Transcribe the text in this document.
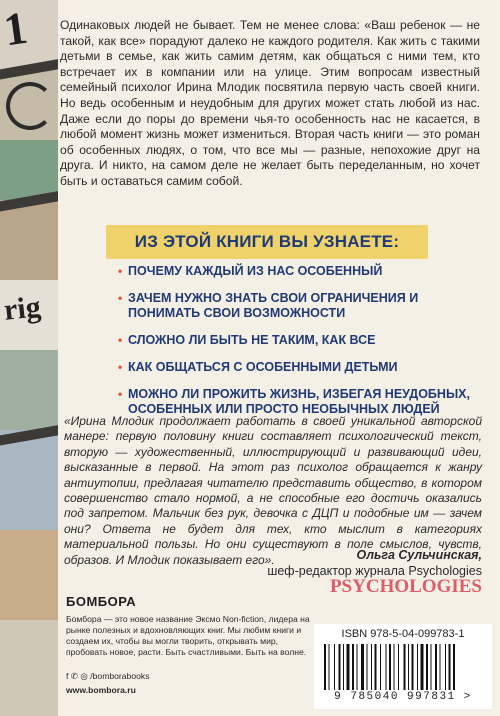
1
rig
Одинаковых людей не бывает. Тем не менее слова: «Ваш ребенок — не такой, как все» порадуют далеко не каждого родителя. Как жить с такими детьми в семье, как жить самим детям, как общаться с ними тем, кто встречает их в компании или на улице. Этим вопросам известный семейный психолог Ирина Млодик посвятила первую часть своей книги. Но ведь особенным и неудобным для других может стать любой из нас. Даже если до поры до времени чья-то особенность нас не касается, в любой момент жизнь может измениться. Вторая часть книги — это роман об особенных людях, о том, что все мы — разные, непохожие друг на друга. И никто, на самом деле не желает быть переделанным, но хочет быть и оставаться самим собой.
ИЗ ЭТОЙ КНИГИ ВЫ УЗНАЕТЕ:
• ПОЧЕМУ КАЖДЫЙ ИЗ НАС ОСОБЕННЫЙ
• ЗАЧЕМ НУЖНО ЗНАТЬ СВОИ ОГРАНИЧЕНИЯ И ПОНИМАТЬ СВОИ ВОЗМОЖНОСТИ
• СЛОЖНО ЛИ БЫТЬ НЕ ТАКИМ, КАК ВСЕ
• КАК ОБЩАТЬСЯ С ОСОБЕННЫМИ ДЕТЬМИ
• МОЖНО ЛИ ПРОЖИТЬ ЖИЗНЬ, ИЗБЕГАЯ НЕУДОБНЫХ, ОСОБЕННЫХ ИЛИ ПРОСТО НЕОБЫЧНЫХ ЛЮДЕЙ
«Ирина Млодик продолжает работать в своей уникальной авторской манере: первую половину книги составляет психологический текст, вторую — художественный, иллюстрирующий и развивающий идеи, высказанные в первой. На этот раз психолог обращается к жанру антиутопии, предлагая читателю представить общество, в котором совершенство стало нормой, а не способные его достичь оказались под запретом. Мальчик без рук, девочка с ДЦП и подобные им — зачем они? Ответа не будет для тех, кто мыслит в категориях материальной пользы. Но они существуют в поле смыслов, чувств, образов. И Млодик показывает его».	Ольга Сульчинская,
шеф-редактор журнала Psychologies
PSYCHOLOGIES
БОМБОРА
Бомбора — это новое название Эксмо Non-fiction, лидера на рынке полезных и вдохновляющих книг. Мы любим книги и создаем их, чтобы вы могли творить, открывать мир, пробовать новое, расти. Быть счастливыми. Быть на волне.
f ✆ ◎ /bomborabooks
www.bombora.ru
ISBN 978-5-04-099783-1
9 785040 997831 >
